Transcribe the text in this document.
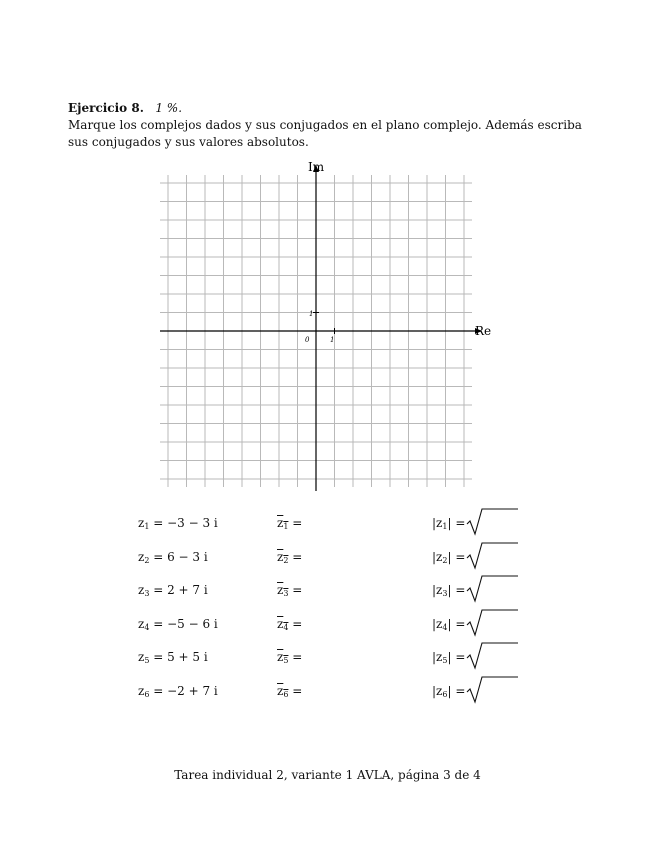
Ejercicio 8. 1 %.
Marque los complejos dados y sus conjugados en el plano complejo. Además escriba sus conjugados y sus valores absolutos.
Im
Re
0	1
1
$z_1 = -3 - 3$ i	$z_1$ =	$|z_1|$ =
$z_2 = 6 - 3$ i	$z_2$ =	$|z_2|$ =
$z_3 = 2 + 7$ i	$z_3$ =	$|z_3|$ =
$z_4 = -5 - 6$ i	$z_4$ =	$|z_4|$ =
$z_5 = 5 + 5$ i	$z_5$ =	$|z_5|$ =
$z_6 = -2 + 7$ i	$z_6$ =	$|z_6|$ =
Tarea individual 2, variante 1 AVLA, página 3 de 4
